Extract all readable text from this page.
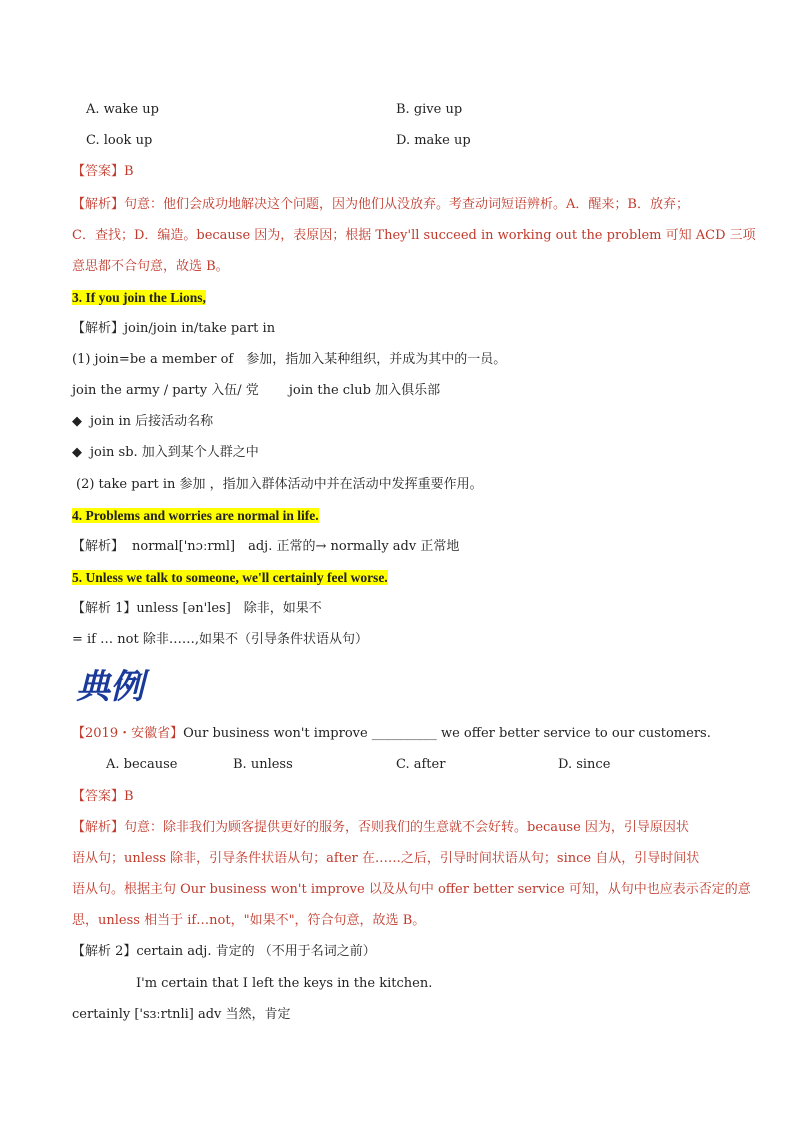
A. wake up	B. give up
C. look up	D. make up
【答案】B
【解析】句意：他们会成功地解决这个问题，因为他们从没放弃。考查动词短语辨析。A．醒来；B．放弃；
C．查找；D．编造。because 因为，表原因；根据 They'll succeed in working out the problem 可知 ACD 三项
意思都不合句意，故选 B。
3. If you join the Lions,
【解析】join/join in/take part in
(1) join=be a member of　参加，指加入某种组织，并成为其中的一员。
join the army / party 入伍/ 党　　 join the club 加入俱乐部
◆ join in 后接活动名称
◆ join sb. 加入到某个人群之中
(2) take part in 参加 ，指加入群体活动中并在活动中发挥重要作用。
4. Problems and worries are normal in life.
【解析】 normal['nɔːrml]　adj. 正常的→ normally adv 正常地
5. Unless we talk to someone, we'll certainly feel worse.
【解析 1】unless [ən'les]　除非，如果不
= if … not 除非……,如果不（引导条件状语从句）
典例
【2019・安徽省】Our business won't improve __________ we offer better service to our customers.
A. because	B. unless	C. after	D. since
【答案】B
【解析】句意：除非我们为顾客提供更好的服务，否则我们的生意就不会好转。because 因为，引导原因状
语从句；unless 除非，引导条件状语从句；after 在……之后，引导时间状语从句；since 自从，引导时间状
语从句。根据主句 Our business won't improve 以及从句中 offer better service 可知，从句中也应表示否定的意
思，unless 相当于 if…not，"如果不"，符合句意，故选 B。
【解析 2】certain adj. 肯定的 （不用于名词之前）
I'm certain that I left the keys in the kitchen.
certainly ['sɜːrtnli] adv 当然，肯定
